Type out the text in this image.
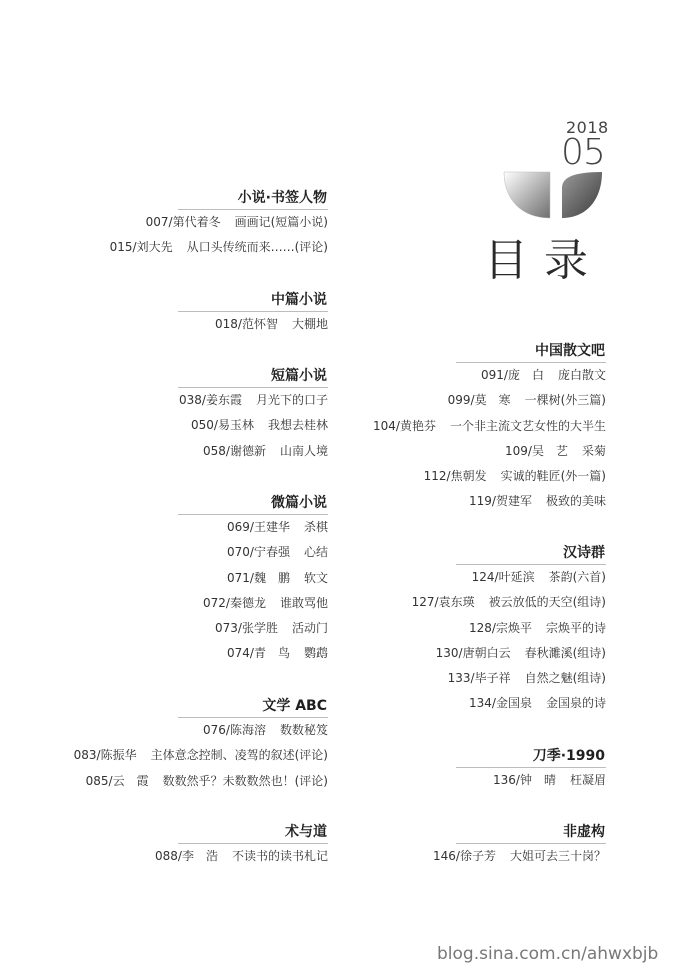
2018
05
目录
小说·书签人物
007/第代着冬 画画记(短篇小说)
015/刘大先 从口头传统而来……(评论)
中篇小说
018/范怀智 大棚地
短篇小说
038/姜东霞 月光下的口子
050/易玉林 我想去桂林
058/谢德新 山南人境
微篇小说
069/王建华 杀棋
070/宁春强 心结
071/魏　鹏 软文
072/秦德龙 谁敢骂他
073/张学胜 活动门
074/青　鸟 鹦鹉
文学 ABC
076/陈海溶 数数秘笈
083/陈振华 主体意念控制、凌驾的叙述(评论)
085/云　霞 数数然乎？未数数然也！(评论)
术与道
088/李　浩 不读书的读书札记
中国散文吧
091/庞　白 庞白散文
099/莫　寒 一棵树(外三篇)
104/黄艳芬 一个非主流文艺女性的大半生
109/吴　艺 采菊
112/焦朝发 实诚的鞋匠(外一篇)
119/贺建军 极致的美味
汉诗群
124/叶延滨 茶韵(六首)
127/袁东瑛 被云放低的天空(组诗)
128/宗焕平 宗焕平的诗
130/唐朝白云 春秋濉溪(组诗)
133/毕子祥 自然之魅(组诗)
134/金国泉 金国泉的诗
刀季·1990
136/钟　晴 枉凝眉
非虚构
146/徐子芳 大姐可去三十岗？
blog.sina.com.cn/ahwxbjb
